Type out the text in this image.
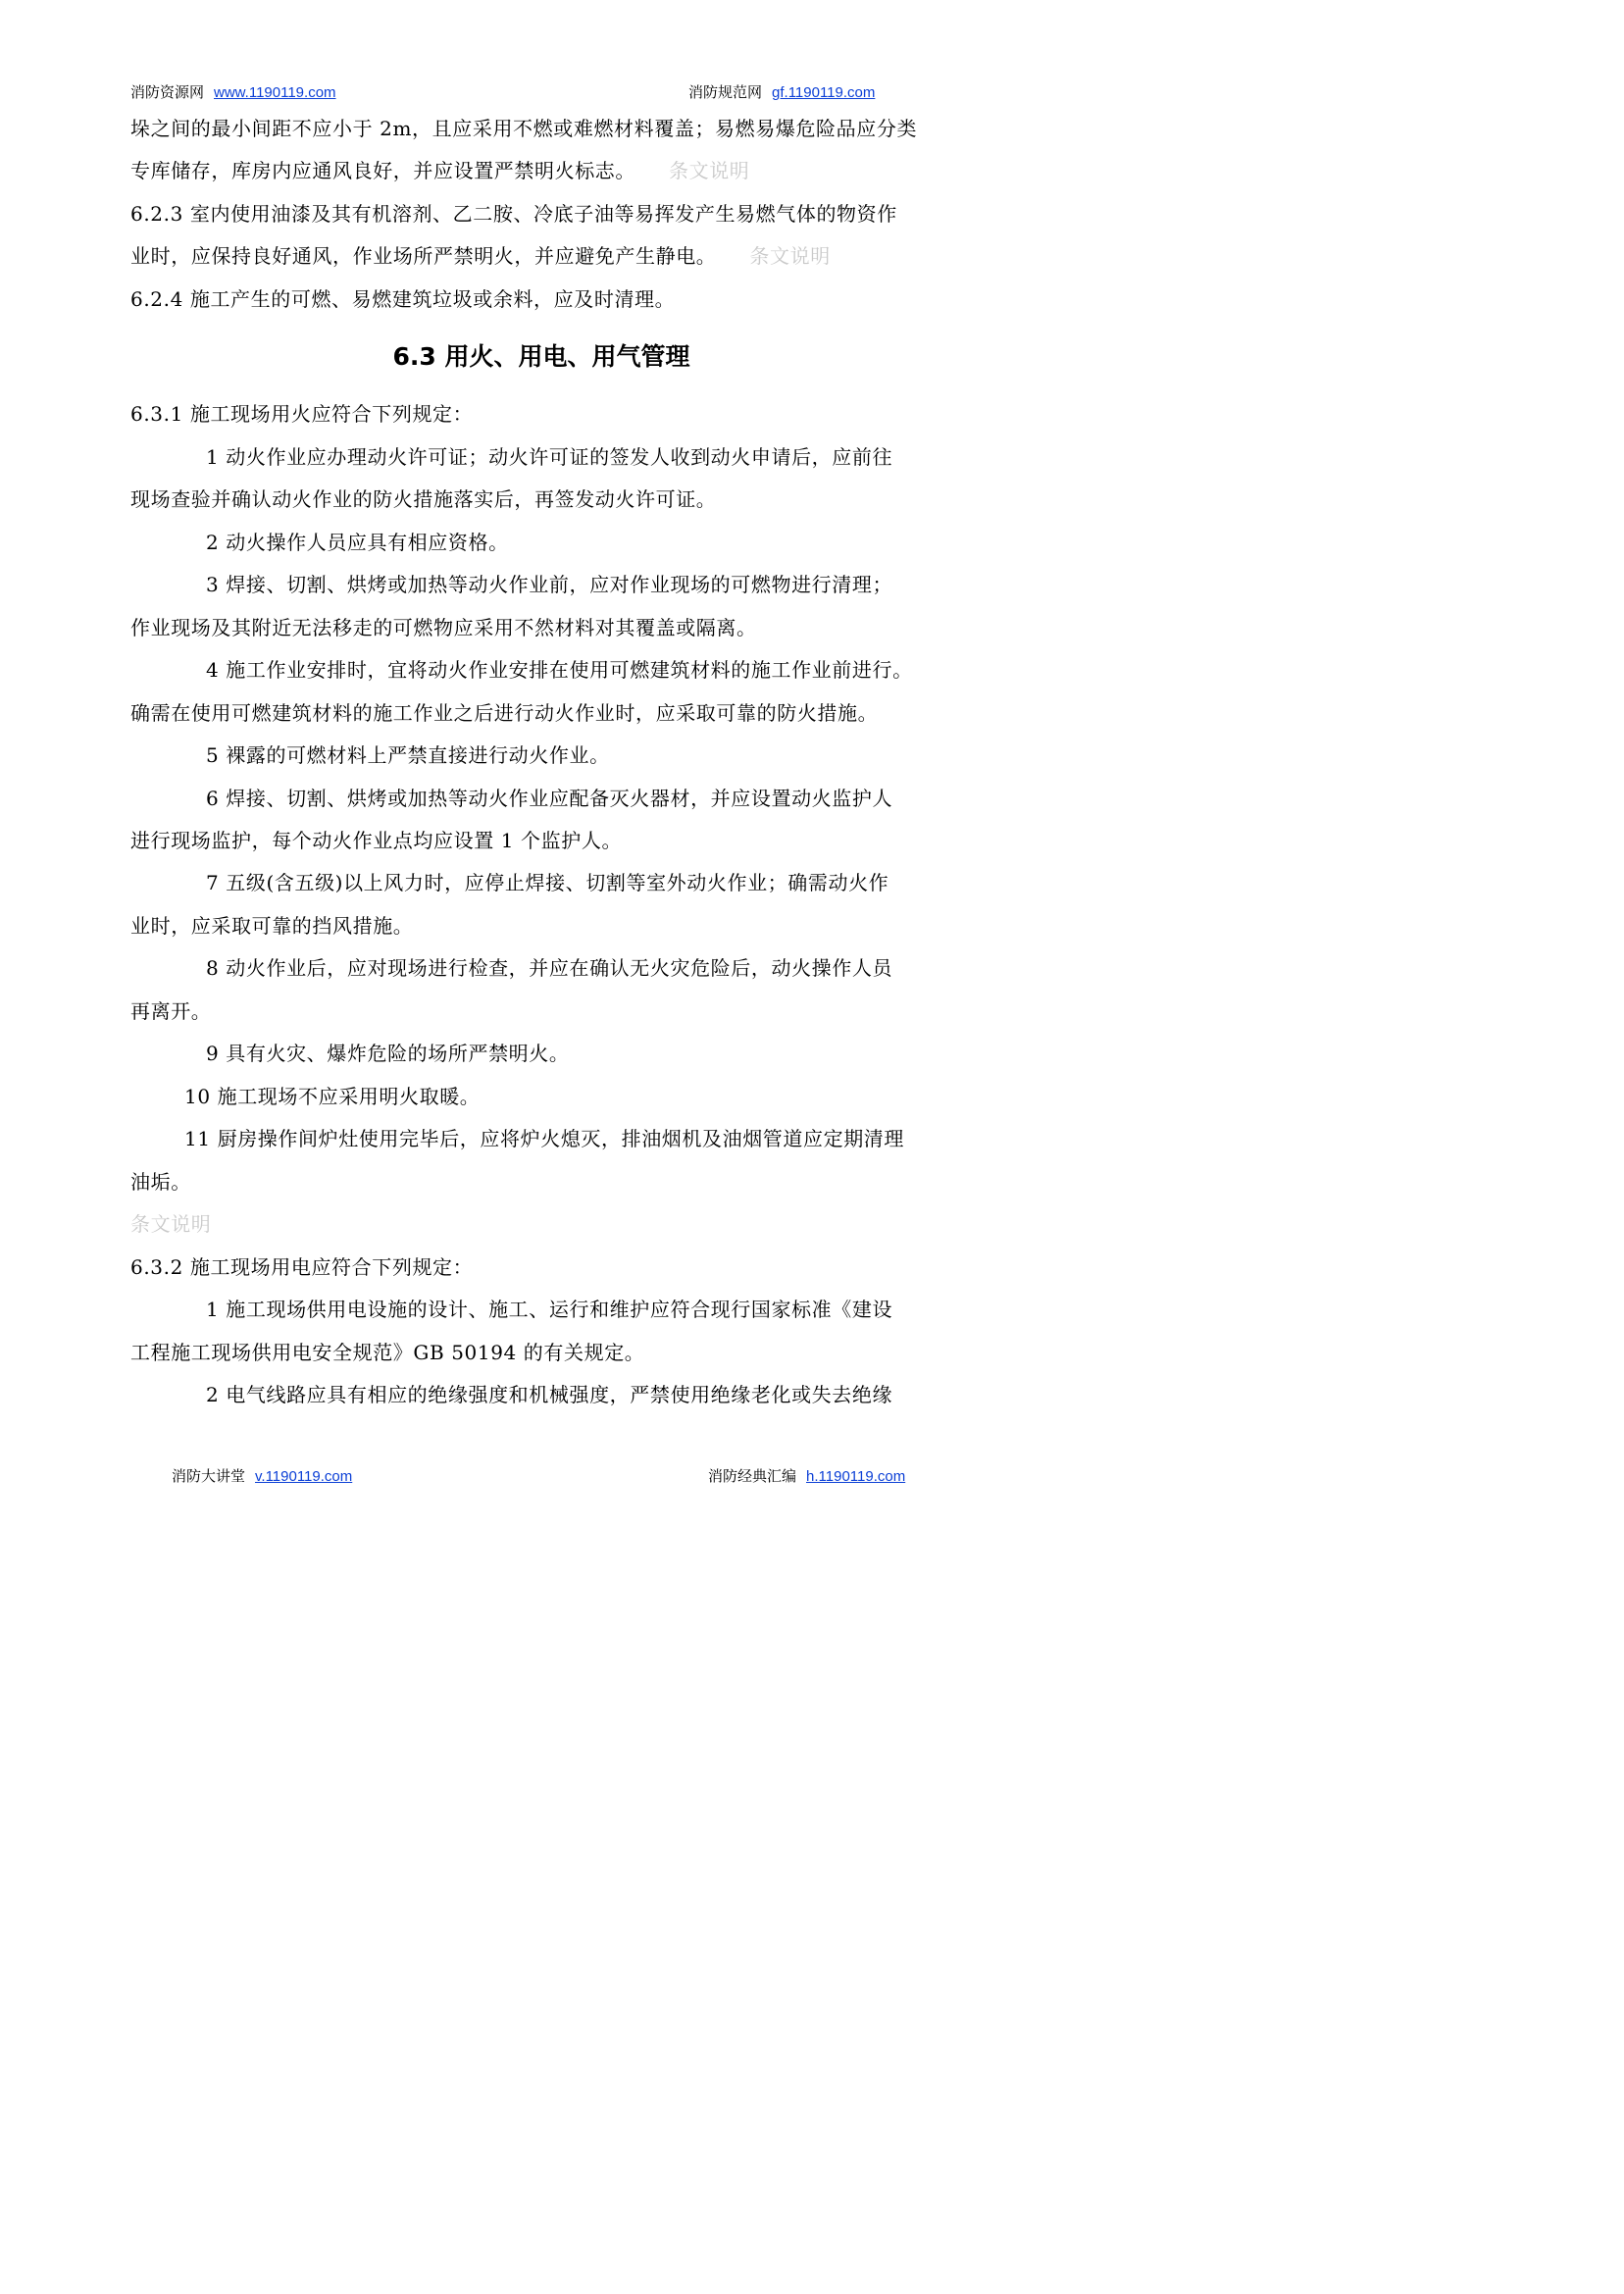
消防资源网 www.1190119.com	消防规范网 gf.1190119.com
垛之间的最小间距不应小于 2m，且应采用不燃或难燃材料覆盖；易燃易爆危险品应分类
专库储存，库房内应通风良好，并应设置严禁明火标志。 条文说明
6.2.3 室内使用油漆及其有机溶剂、乙二胺、冷底子油等易挥发产生易燃气体的物资作
业时，应保持良好通风，作业场所严禁明火，并应避免产生静电。 条文说明
6.2.4 施工产生的可燃、易燃建筑垃圾或余料，应及时清理。
6.3 用火、用电、用气管理
6.3.1 施工现场用火应符合下列规定：
1 动火作业应办理动火许可证；动火许可证的签发人收到动火申请后，应前往
现场查验并确认动火作业的防火措施落实后，再签发动火许可证。
2 动火操作人员应具有相应资格。
3 焊接、切割、烘烤或加热等动火作业前，应对作业现场的可燃物进行清理；
作业现场及其附近无法移走的可燃物应采用不然材料对其覆盖或隔离。
4 施工作业安排时，宜将动火作业安排在使用可燃建筑材料的施工作业前进行。
确需在使用可燃建筑材料的施工作业之后进行动火作业时，应采取可靠的防火措施。
5 裸露的可燃材料上严禁直接进行动火作业。
6 焊接、切割、烘烤或加热等动火作业应配备灭火器材，并应设置动火监护人
进行现场监护，每个动火作业点均应设置 1 个监护人。
7 五级(含五级)以上风力时，应停止焊接、切割等室外动火作业；确需动火作
业时，应采取可靠的挡风措施。
8 动火作业后，应对现场进行检查，并应在确认无火灾危险后，动火操作人员
再离开。
9 具有火灾、爆炸危险的场所严禁明火。
10 施工现场不应采用明火取暖。
11 厨房操作间炉灶使用完毕后，应将炉火熄灭，排油烟机及油烟管道应定期清理
油垢。
条文说明
6.3.2 施工现场用电应符合下列规定：
1 施工现场供用电设施的设计、施工、运行和维护应符合现行国家标准《建设
工程施工现场供用电安全规范》GB 50194 的有关规定。
2 电气线路应具有相应的绝缘强度和机械强度，严禁使用绝缘老化或失去绝缘
消防大讲堂 v.1190119.com	消防经典汇编 h.1190119.com
